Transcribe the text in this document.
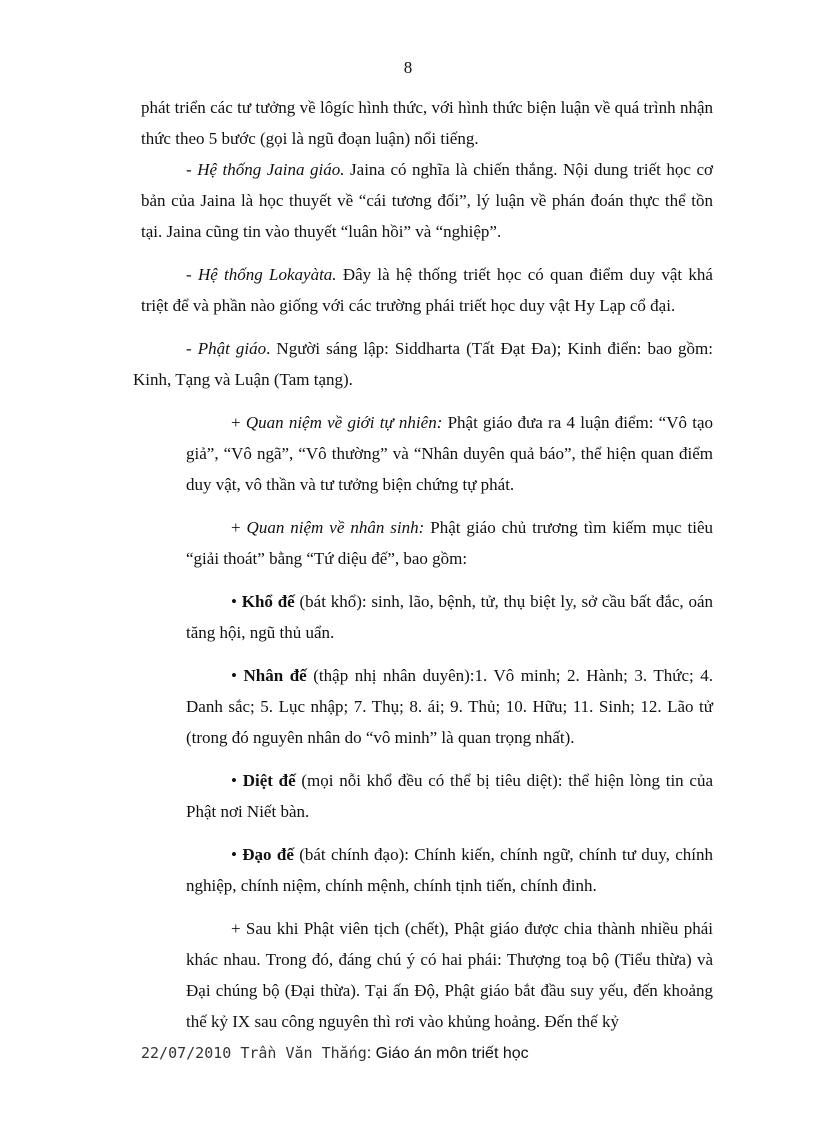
8

phát triển các tư tưởng về lôgíc hình thức, với hình thức biện luận về quá trình nhận thức theo 5 bước (gọi là ngũ đoạn luận) nổi tiếng.

- Hệ thống Jaina giáo. Jaina có nghĩa là chiến thắng. Nội dung triết học cơ bản của Jaina là học thuyết về “cái tương đối”, lý luận về phán đoán thực thể tồn tại. Jaina cũng tin vào thuyết “luân hồi” và “nghiệp”.

- Hệ thống Lokayàta. Đây là hệ thống triết học có quan điểm duy vật khá triệt để và phần nào giống với các trường phái triết học duy vật Hy Lạp cổ đại.

- Phật giáo. Người sáng lập: Siddharta (Tất Đạt Đa); Kinh điển: bao gồm: Kinh, Tạng và Luận (Tam tạng).

+ Quan niệm về giới tự nhiên: Phật giáo đưa ra 4 luận điểm: “Vô tạo giả”, “Vô ngã”, “Vô thường” và “Nhân duyên quả báo”, thể hiện quan điểm duy vật, vô thần và tư tưởng biện chứng tự phát.

+ Quan niệm về nhân sinh: Phật giáo chủ trương tìm kiếm mục tiêu “giải thoát” bằng “Tứ diệu đế”, bao gồm:

• Khổ đế (bát khổ): sinh, lão, bệnh, tử, thụ biệt ly, sở cầu bất đắc, oán tăng hội, ngũ thủ uẩn.

• Nhân đế (thập nhị nhân duyên):1. Vô minh; 2. Hành; 3. Thức; 4. Danh sắc; 5. Lục nhập; 7. Thụ; 8. ái; 9. Thủ; 10. Hữu; 11. Sinh; 12. Lão tử (trong đó nguyên nhân do “vô minh” là quan trọng nhất).

• Diệt đế (mọi nỗi khổ đều có thể bị tiêu diệt): thể hiện lòng tin của Phật nơi Niết bàn.

• Đạo đế (bát chính đạo): Chính kiến, chính ngữ, chính tư duy, chính nghiệp, chính niệm, chính mệnh, chính tịnh tiến, chính đinh.

+ Sau khi Phật viên tịch (chết), Phật giáo được chia thành nhiều phái khác nhau. Trong đó, đáng chú ý có hai phái: Thượng toạ bộ (Tiểu thừa) và Đại chúng bộ (Đại thừa). Tại ấn Độ, Phật giáo bắt đầu suy yếu, đến khoảng thế kỷ IX sau công nguyên thì rơi vào khủng hoảng. Đến thế kỷ

22/07/2010 Trần Văn Thắng: Giáo án môn triết học
